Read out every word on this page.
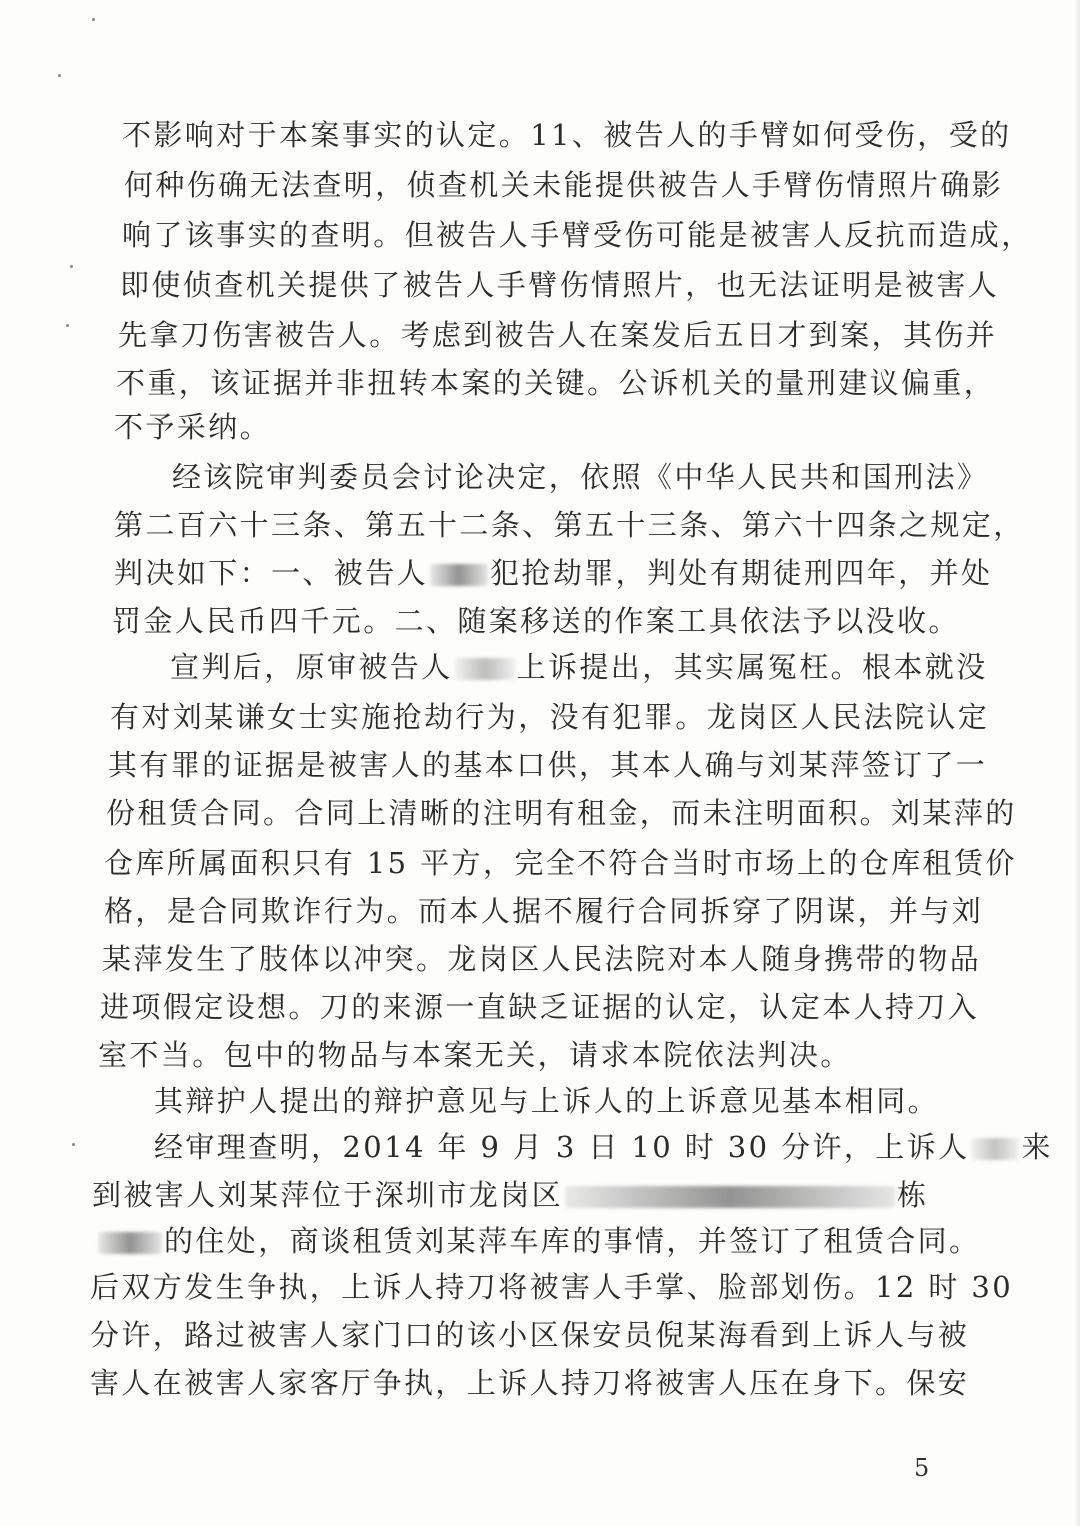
不影响对于本案事实的认定。11、被告人的手臂如何受伤，受的
何种伤确无法查明，侦查机关未能提供被告人手臂伤情照片确影
响了该事实的查明。但被告人手臂受伤可能是被害人反抗而造成，
即使侦查机关提供了被告人手臂伤情照片，也无法证明是被害人
先拿刀伤害被告人。考虑到被告人在案发后五日才到案，其伤并
不重，该证据并非扭转本案的关键。公诉机关的量刑建议偏重，
不予采纳。
经该院审判委员会讨论决定，依照《中华人民共和国刑法》
第二百六十三条、第五十二条、第五十三条、第六十四条之规定，
判决如下：一、被告人 犯抢劫罪，判处有期徒刑四年，并处
罚金人民币四千元。二、随案移送的作案工具依法予以没收。
宣判后，原审被告人 上诉提出，其实属冤枉。根本就没
有对刘某谦女士实施抢劫行为，没有犯罪。龙岗区人民法院认定
其有罪的证据是被害人的基本口供，其本人确与刘某萍签订了一
份租赁合同。合同上清晰的注明有租金，而未注明面积。刘某萍的
仓库所属面积只有 15 平方，完全不符合当时市场上的仓库租赁价
格，是合同欺诈行为。而本人据不履行合同拆穿了阴谋，并与刘
某萍发生了肢体以冲突。龙岗区人民法院对本人随身携带的物品
进项假定设想。刀的来源一直缺乏证据的认定，认定本人持刀入
室不当。包中的物品与本案无关，请求本院依法判决。
其辩护人提出的辩护意见与上诉人的上诉意见基本相同。
经审理查明，2014 年 9 月 3 日 10 时 30 分许，上诉人 来
到被害人刘某萍位于深圳市龙岗区	栋
的住处，商谈租赁刘某萍车库的事情，并签订了租赁合同。
后双方发生争执，上诉人持刀将被害人手掌、脸部划伤。12 时 30
分许，路过被害人家门口的该小区保安员倪某海看到上诉人与被
害人在被害人家客厅争执，上诉人持刀将被害人压在身下。保安
5
